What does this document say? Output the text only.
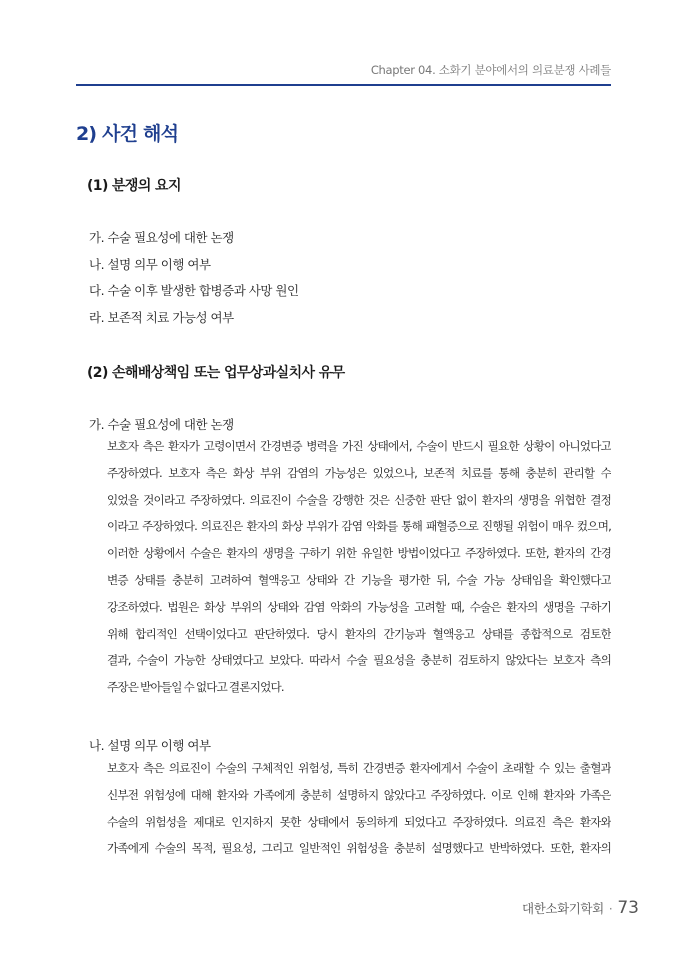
Chapter 04. 소화기 분야에서의 의료분쟁 사례들
2) 사건 해석
(1) 분쟁의 요지
가. 수술 필요성에 대한 논쟁
나. 설명 의무 이행 여부
다. 수술 이후 발생한 합병증과 사망 원인
라. 보존적 치료 가능성 여부
(2) 손해배상책임 또는 업무상과실치사 유무
가. 수술 필요성에 대한 논쟁
보호자 측은 환자가 고령이면서 간경변증 병력을 가진 상태에서, 수술이 반드시 필요한 상황이 아니었다고
주장하였다. 보호자 측은 화상 부위 감염의 가능성은 있었으나, 보존적 치료를 통해 충분히 관리할 수
있었을 것이라고 주장하였다. 의료진이 수술을 강행한 것은 신중한 판단 없이 환자의 생명을 위협한 결정
이라고 주장하였다. 의료진은 환자의 화상 부위가 감염 악화를 통해 패혈증으로 진행될 위험이 매우 컸으며,
이러한 상황에서 수술은 환자의 생명을 구하기 위한 유일한 방법이었다고 주장하였다. 또한, 환자의 간경
변증 상태를 충분히 고려하여 혈액응고 상태와 간 기능을 평가한 뒤, 수술 가능 상태임을 확인했다고
강조하였다. 법원은 화상 부위의 상태와 감염 악화의 가능성을 고려할 때, 수술은 환자의 생명을 구하기
위해 합리적인 선택이었다고 판단하였다. 당시 환자의 간기능과 혈액응고 상태를 종합적으로 검토한
결과, 수술이 가능한 상태였다고 보았다. 따라서 수술 필요성을 충분히 검토하지 않았다는 보호자 측의
주장은 받아들일 수 없다고 결론지었다.
나. 설명 의무 이행 여부
보호자 측은 의료진이 수술의 구체적인 위험성, 특히 간경변증 환자에게서 수술이 초래할 수 있는 출혈과
신부전 위험성에 대해 환자와 가족에게 충분히 설명하지 않았다고 주장하였다. 이로 인해 환자와 가족은
수술의 위험성을 제대로 인지하지 못한 상태에서 동의하게 되었다고 주장하였다. 의료진 측은 환자와
가족에게 수술의 목적, 필요성, 그리고 일반적인 위험성을 충분히 설명했다고 반박하였다. 또한, 환자의
대한소화기학회 · 73
